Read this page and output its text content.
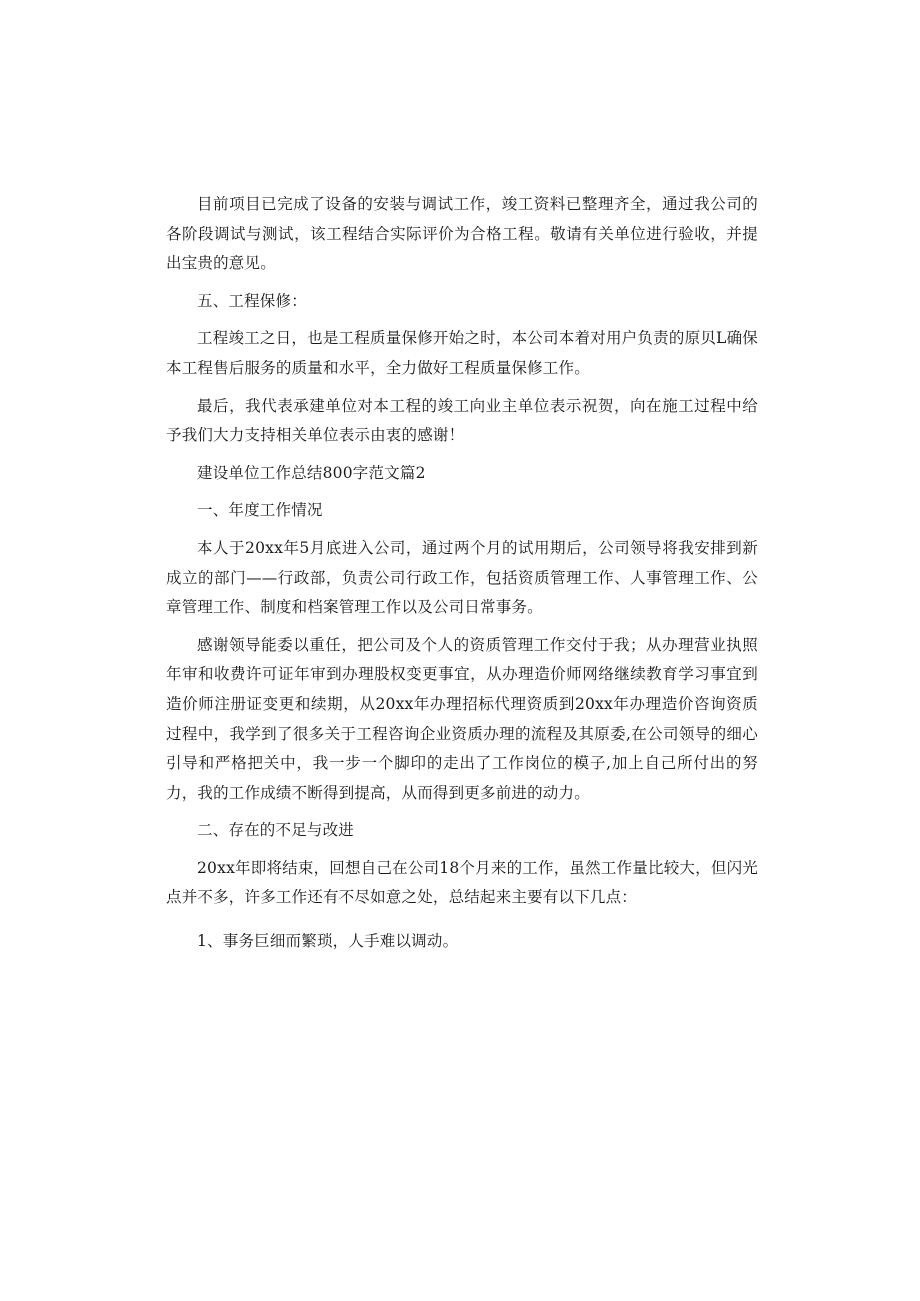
目前项目已完成了设备的安装与调试工作，竣工资料已整理齐全，通过我公司的各阶段调试与测试，该工程结合实际评价为合格工程。敬请有关单位进行验收，并提出宝贵的意见。

五、工程保修：

工程竣工之日，也是工程质量保修开始之时，本公司本着对用户负责的原贝L确保本工程售后服务的质量和水平，全力做好工程质量保修工作。

最后，我代表承建单位对本工程的竣工向业主单位表示祝贺，向在施工过程中给予我们大力支持相关单位表示由衷的感谢！

建设单位工作总结800字范文篇2

一、年度工作情况

本人于20xx年5月底进入公司，通过两个月的试用期后，公司领导将我安排到新成立的部门——行政部，负责公司行政工作，包括资质管理工作、人事管理工作、公章管理工作、制度和档案管理工作以及公司日常事务。

感谢领导能委以重任，把公司及个人的资质管理工作交付于我；从办理营业执照年审和收费许可证年审到办理股权变更事宜，从办理造价师网络继续教育学习事宜到造价师注册证变更和续期，从20xx年办理招标代理资质到20xx年办理造价咨询资质过程中，我学到了很多关于工程咨询企业资质办理的流程及其原委,在公司领导的细心引导和严格把关中，我一步一个脚印的走出了工作岗位的模子,加上自己所付出的努力，我的工作成绩不断得到提高，从而得到更多前进的动力。

二、存在的不足与改进

20xx年即将结束，回想自己在公司18个月来的工作，虽然工作量比较大，但闪光点并不多，许多工作还有不尽如意之处，总结起来主要有以下几点：

1、事务巨细而繁琐，人手难以调动。
